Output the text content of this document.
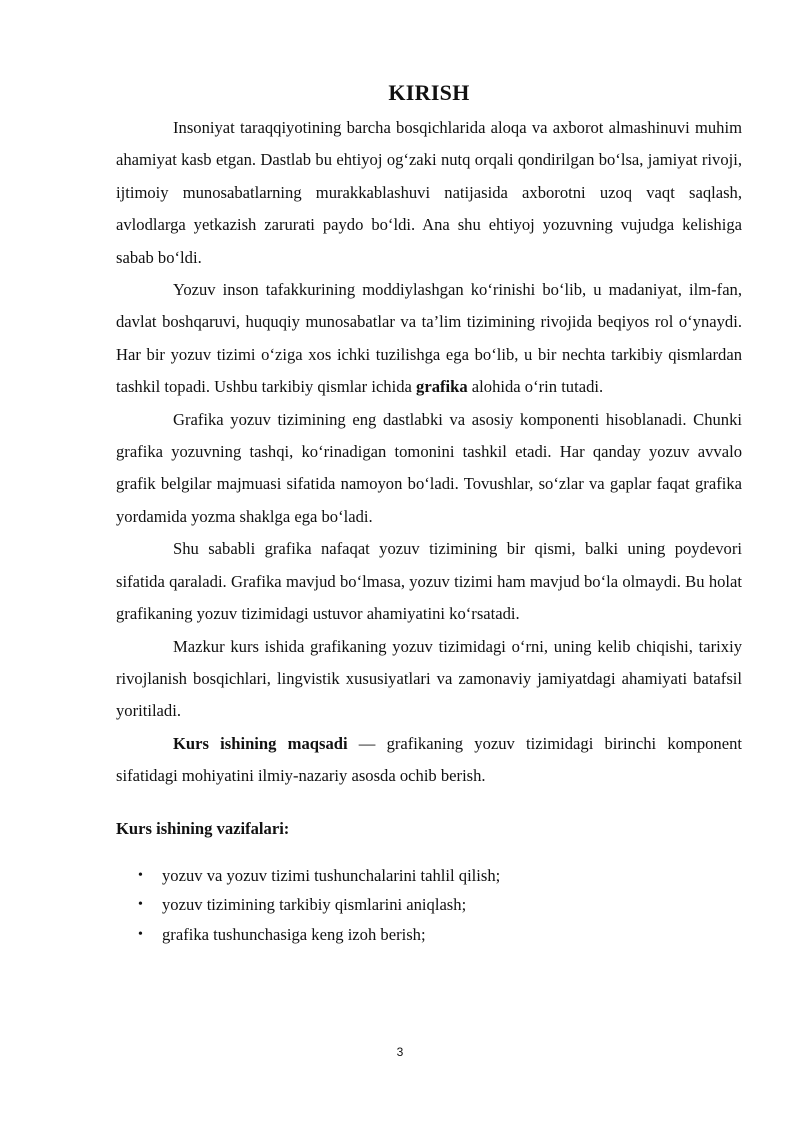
KIRISH

Insoniyat taraqqiyotining barcha bosqichlarida aloqa va axborot almashinuvi muhim ahamiyat kasb etgan. Dastlab bu ehtiyoj og‘zaki nutq orqali qondirilgan bo‘lsa, jamiyat rivoji, ijtimoiy munosabatlarning murakkablashuvi natijasida axborotni uzoq vaqt saqlash, avlodlarga yetkazish zarurati paydo bo‘ldi. Ana shu ehtiyoj yozuvning vujudga kelishiga sabab bo‘ldi.

Yozuv inson tafakkurining moddiylashgan ko‘rinishi bo‘lib, u madaniyat, ilm-fan, davlat boshqaruvi, huquqiy munosabatlar va ta’lim tizimining rivojida beqiyos rol o‘ynaydi. Har bir yozuv tizimi o‘ziga xos ichki tuzilishga ega bo‘lib, u bir nechta tarkibiy qismlardan tashkil topadi. Ushbu tarkibiy qismlar ichida grafika alohida o‘rin tutadi.

Grafika yozuv tizimining eng dastlabki va asosiy komponenti hisoblanadi. Chunki grafika yozuvning tashqi, ko‘rinadigan tomonini tashkil etadi. Har qanday yozuv avvalo grafik belgilar majmuasi sifatida namoyon bo‘ladi. Tovushlar, so‘zlar va gaplar faqat grafika yordamida yozma shaklga ega bo‘ladi.

Shu sababli grafika nafaqat yozuv tizimining bir qismi, balki uning poydevori sifatida qaraladi. Grafika mavjud bo‘lmasa, yozuv tizimi ham mavjud bo‘la olmaydi. Bu holat grafikaning yozuv tizimidagi ustuvor ahamiyatini ko‘rsatadi.

Mazkur kurs ishida grafikaning yozuv tizimidagi o‘rni, uning kelib chiqishi, tarixiy rivojlanish bosqichlari, lingvistik xususiyatlari va zamonaviy jamiyatdagi ahamiyati batafsil yoritiladi.

Kurs ishining maqsadi — grafikaning yozuv tizimidagi birinchi komponent sifatidagi mohiyatini ilmiy-nazariy asosda ochib berish.

Kurs ishining vazifalari:
• yozuv va yozuv tizimi tushunchalarini tahlil qilish;
• yozuv tizimining tarkibiy qismlarini aniqlash;
• grafika tushunchasiga keng izoh berish;
3
